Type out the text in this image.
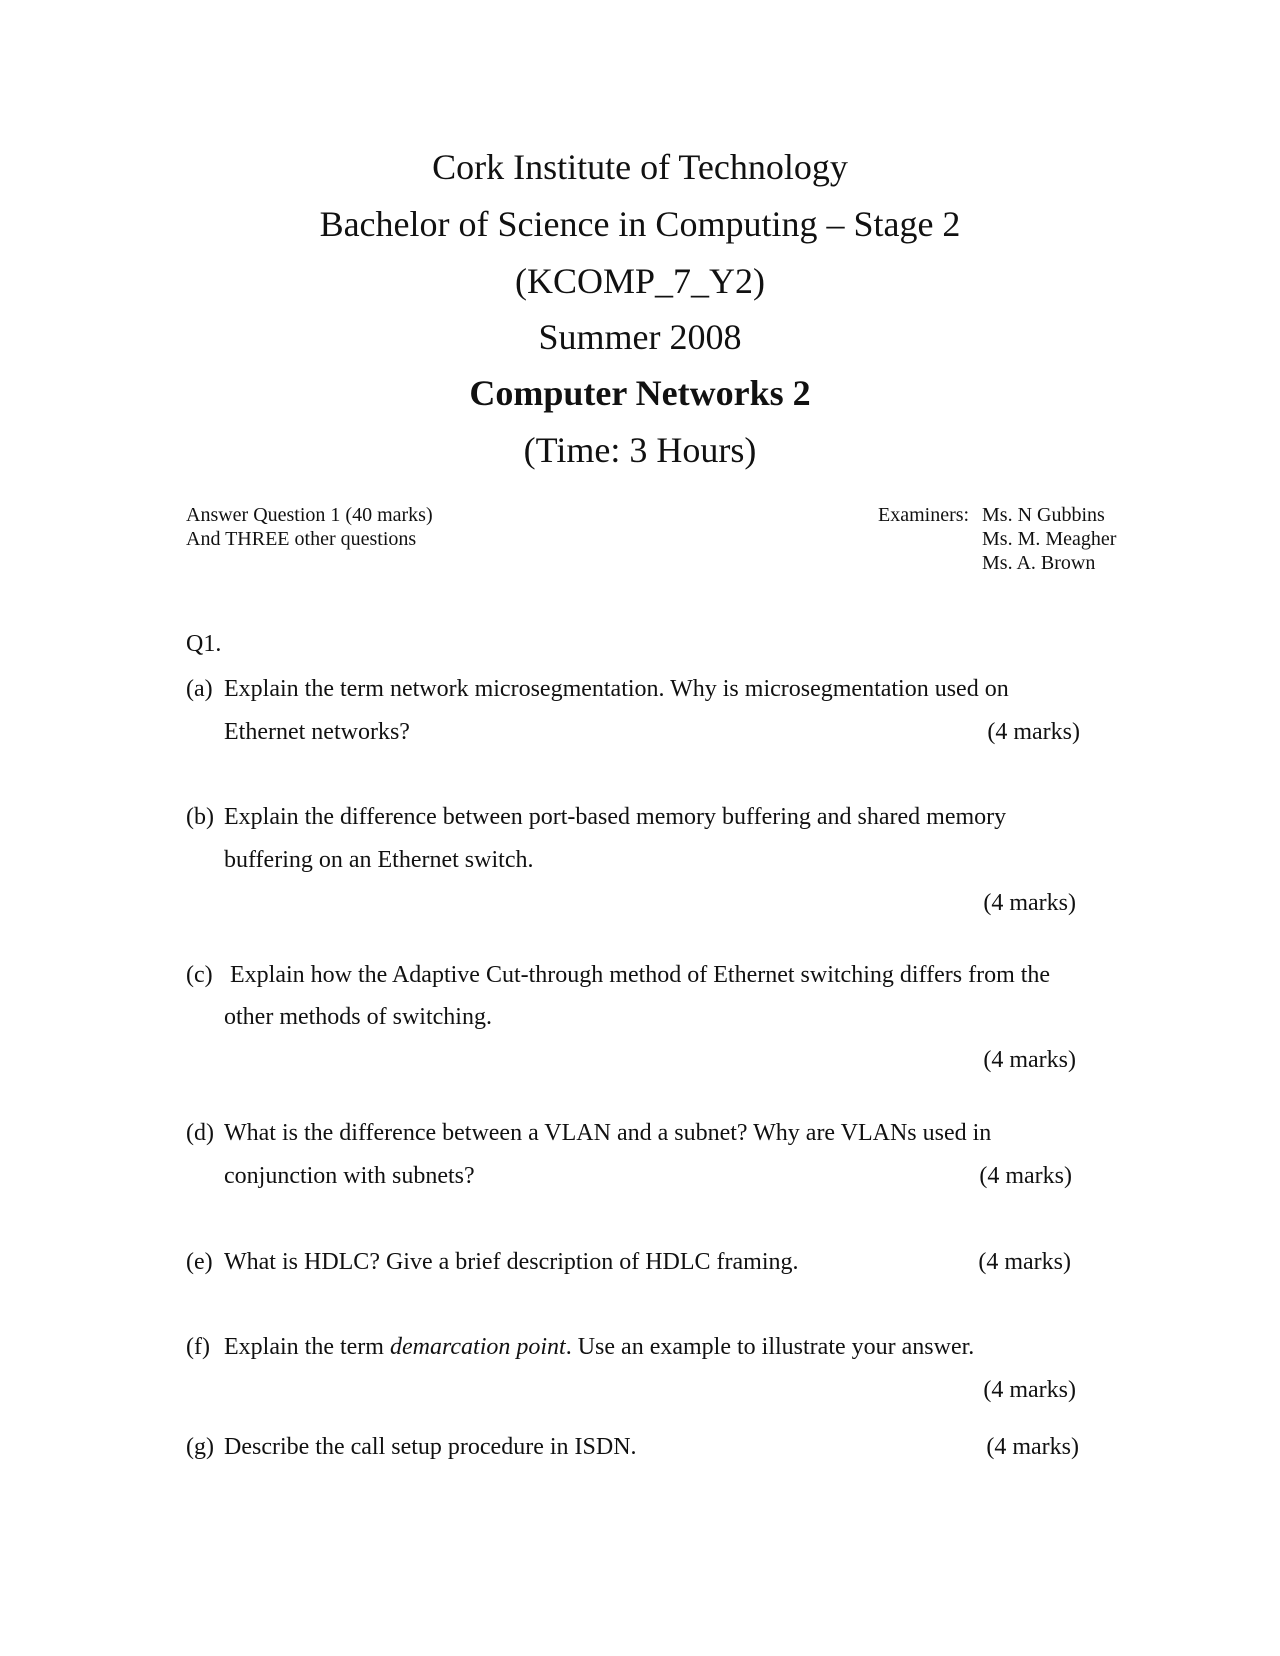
Cork Institute of Technology
Bachelor of Science in Computing – Stage 2
(KCOMP_7_Y2)
Summer 2008
Computer Networks 2
(Time: 3 Hours)
Answer Question 1 (40 marks)
And THREE other questions
Examiners: Ms. N Gubbins
Ms. M. Meagher
Ms. A. Brown
Q1.
(a) Explain the term network microsegmentation. Why is microsegmentation used on
Ethernet networks?	(4 marks)
(b) Explain the difference between port-based memory buffering and shared memory
buffering on an Ethernet switch.
(4 marks)
(c) Explain how the Adaptive Cut-through method of Ethernet switching differs from the
other methods of switching.
(4 marks)
(d) What is the difference between a VLAN and a subnet? Why are VLANs used in
conjunction with subnets?	(4 marks)
(e) What is HDLC? Give a brief description of HDLC framing.	(4 marks)
(f) Explain the term demarcation point. Use an example to illustrate your answer.
(4 marks)
(g) Describe the call setup procedure in ISDN.	(4 marks)
